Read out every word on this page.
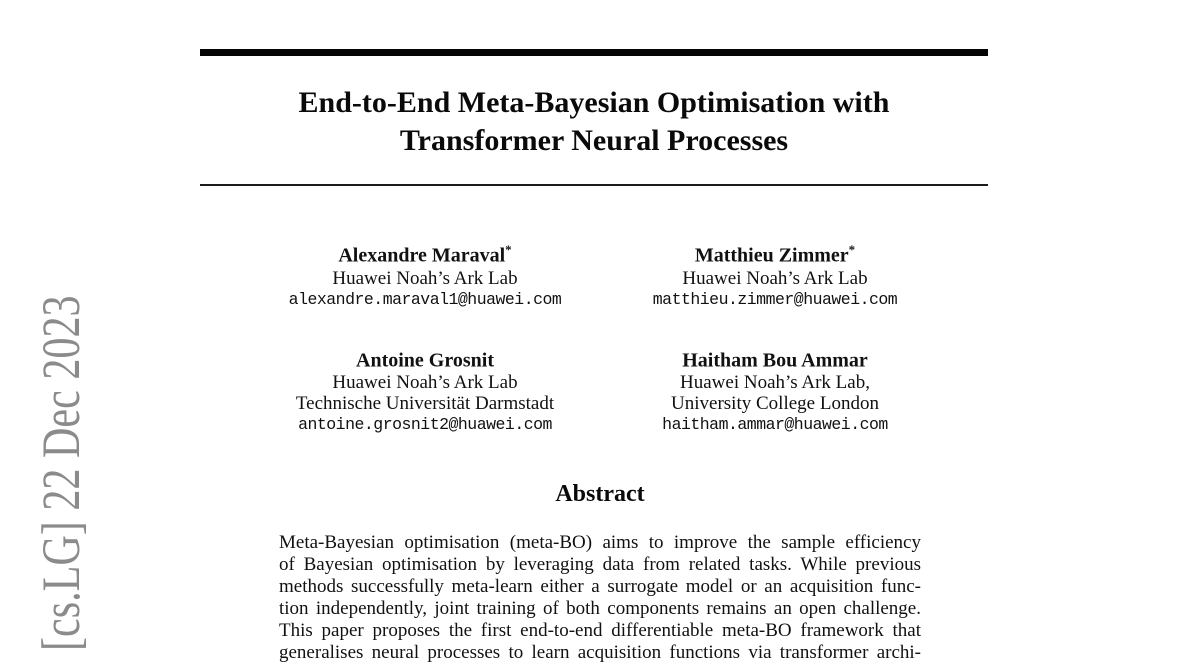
[cs.LG] 22 Dec 2023
End-to-End Meta-Bayesian Optimisation with
Transformer Neural Processes
Alexandre Maraval*
Huawei Noah’s Ark Lab
alexandre.maraval1@huawei.com
Matthieu Zimmer*
Huawei Noah’s Ark Lab
matthieu.zimmer@huawei.com
Antoine Grosnit
Huawei Noah’s Ark Lab
Technische Universität Darmstadt
antoine.grosnit2@huawei.com
Haitham Bou Ammar
Huawei Noah’s Ark Lab,
University College London
haitham.ammar@huawei.com
Abstract
Meta-Bayesian optimisation (meta-BO) aims to improve the sample efficiency
of Bayesian optimisation by leveraging data from related tasks. While previous
methods successfully meta-learn either a surrogate model or an acquisition func-
tion independently, joint training of both components remains an open challenge.
This paper proposes the first end-to-end differentiable meta-BO framework that
generalises neural processes to learn acquisition functions via transformer archi-
